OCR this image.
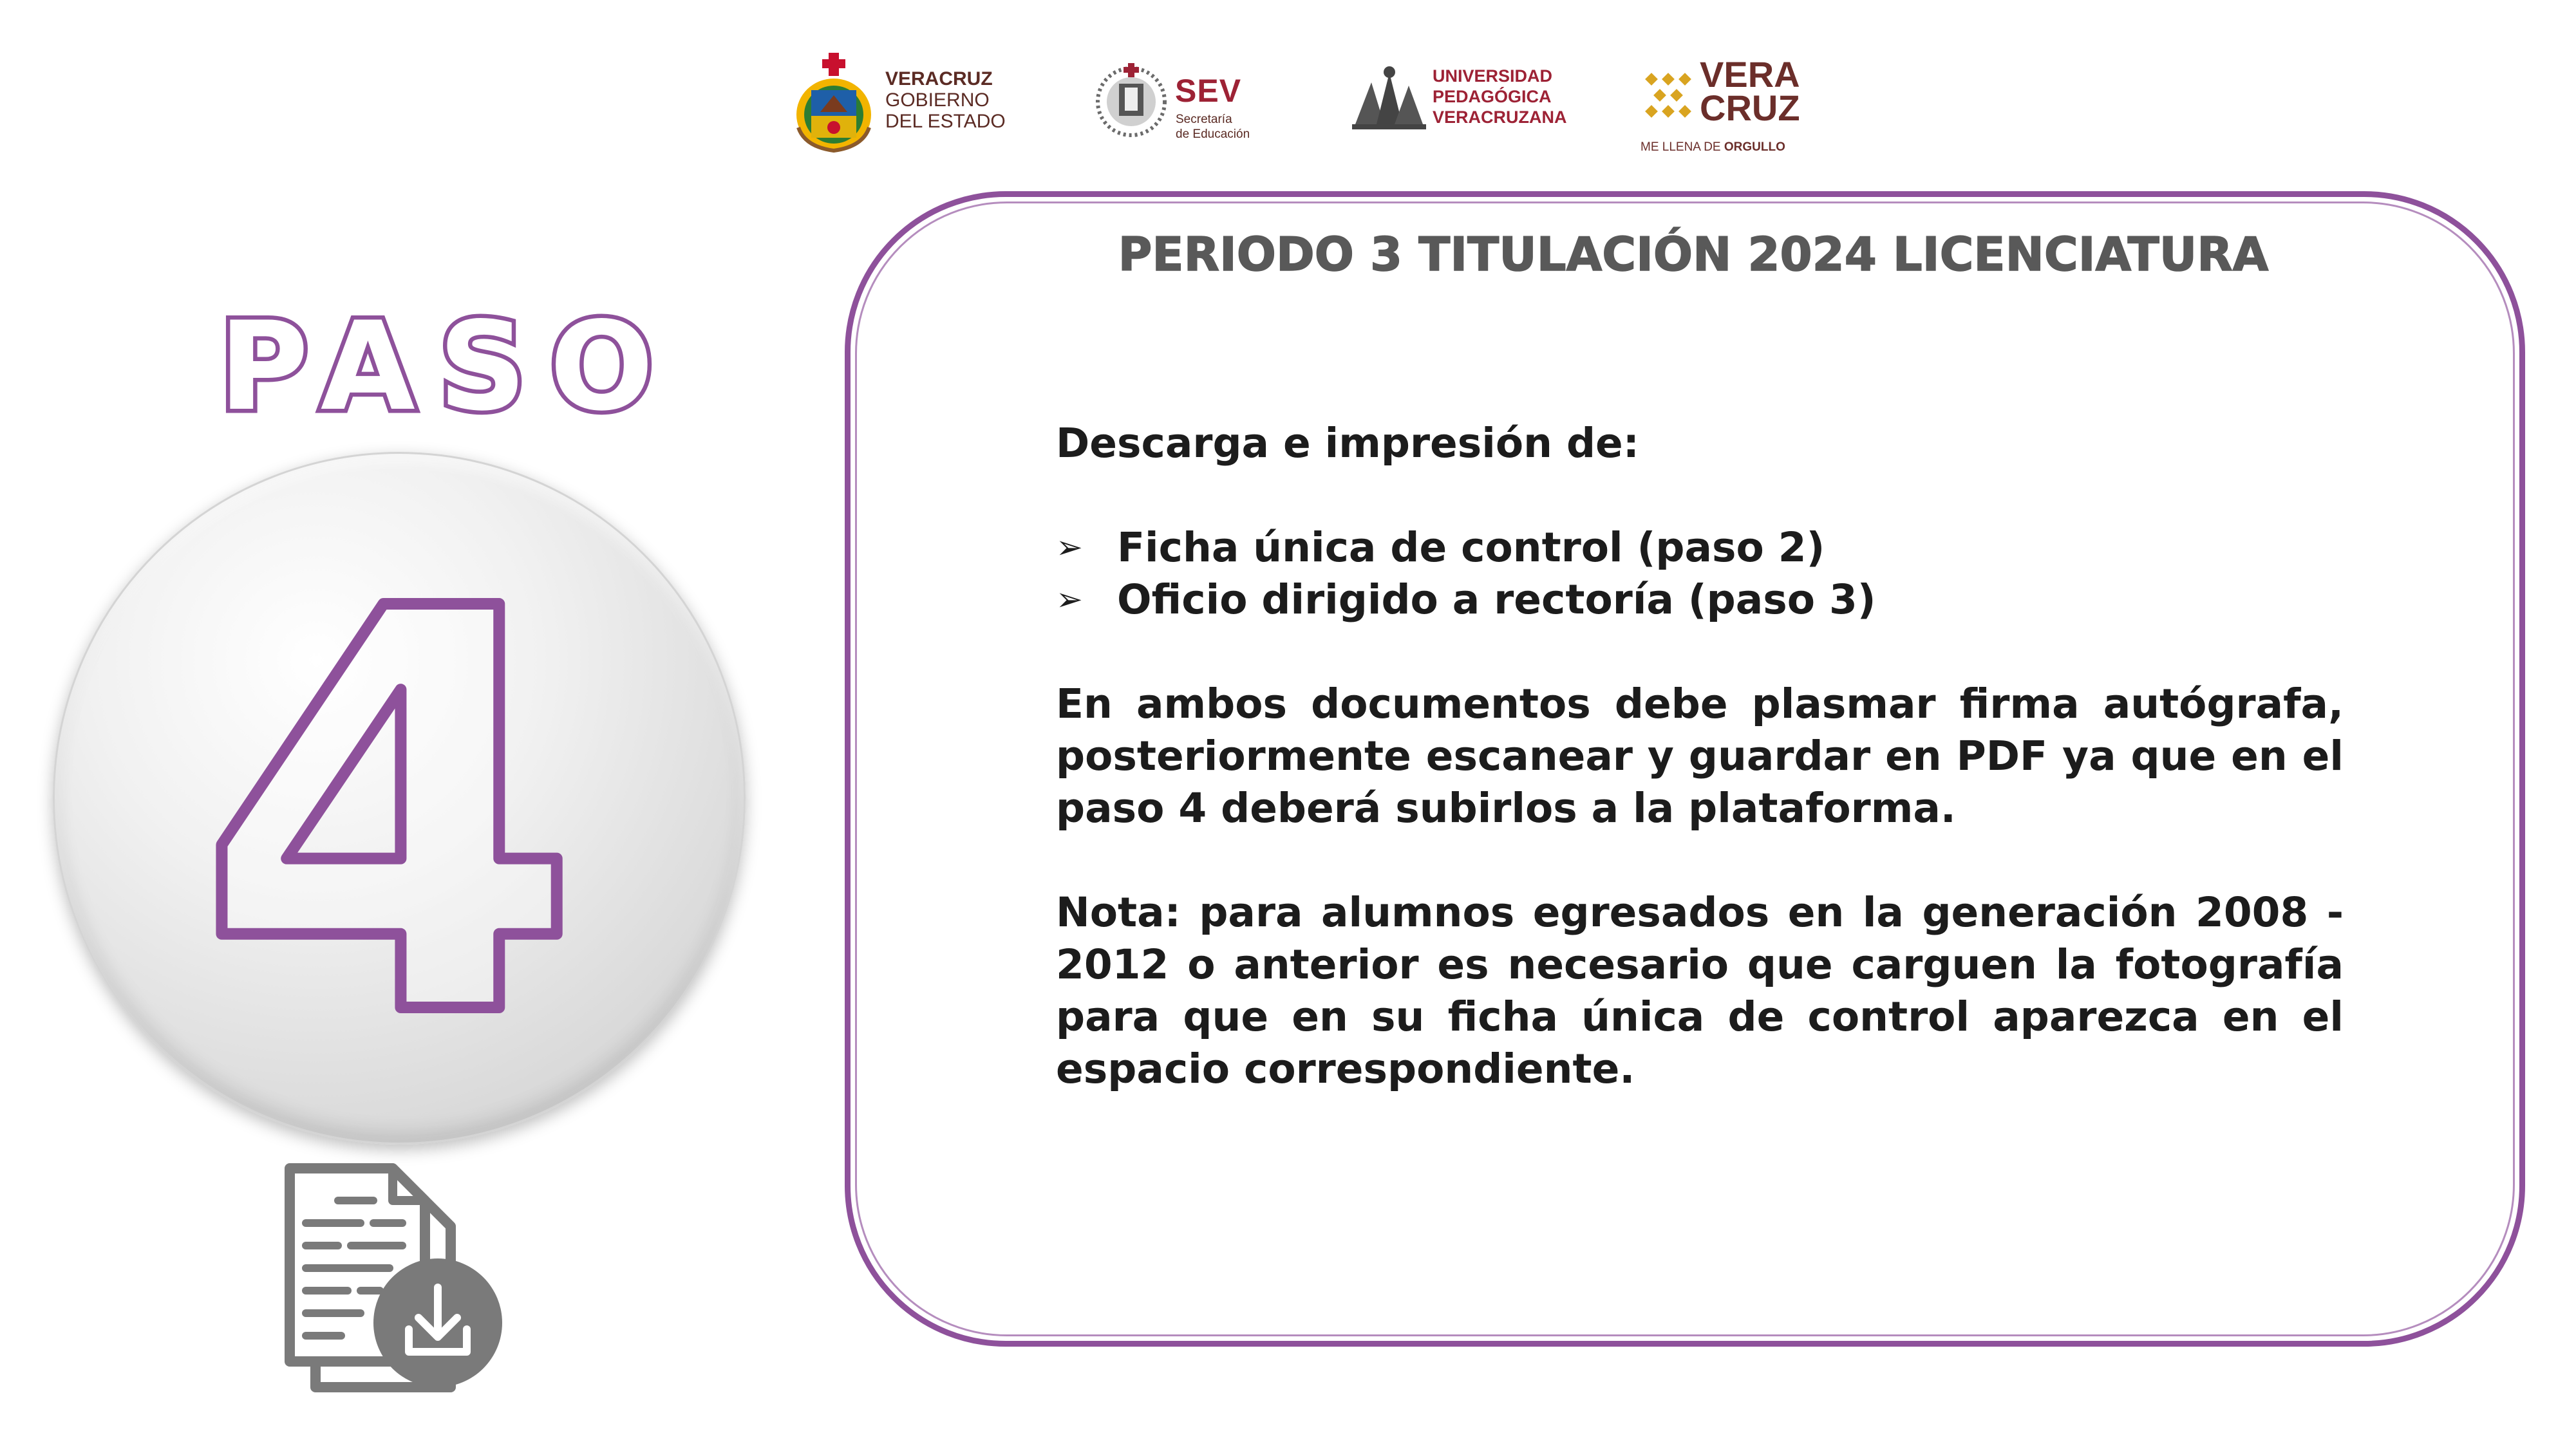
VERACRUZ
GOBIERNO
DEL ESTADO
SEV
Secretaría
de Educación
UNIVERSIDAD
PEDAGÓGICA
VERACRUZANA
VERA
CRUZ
ME LLENA DE ORGULLO
PASO
4
PERIODO 3 TITULACIÓN 2024 LICENCIATURA

Descarga e impresión de:

➢ Ficha única de control (paso 2)
➢ Oficio dirigido a rectoría (paso 3)

En ambos documentos debe plasmar firma autógrafa, posteriormente escanear y guardar en PDF ya que en el paso 4 deberá subirlos a la plataforma.

Nota: para alumnos egresados en la generación 2008 - 2012 o anterior es necesario que carguen la fotografía para que en su ficha única de control aparezca en el espacio correspondiente.
